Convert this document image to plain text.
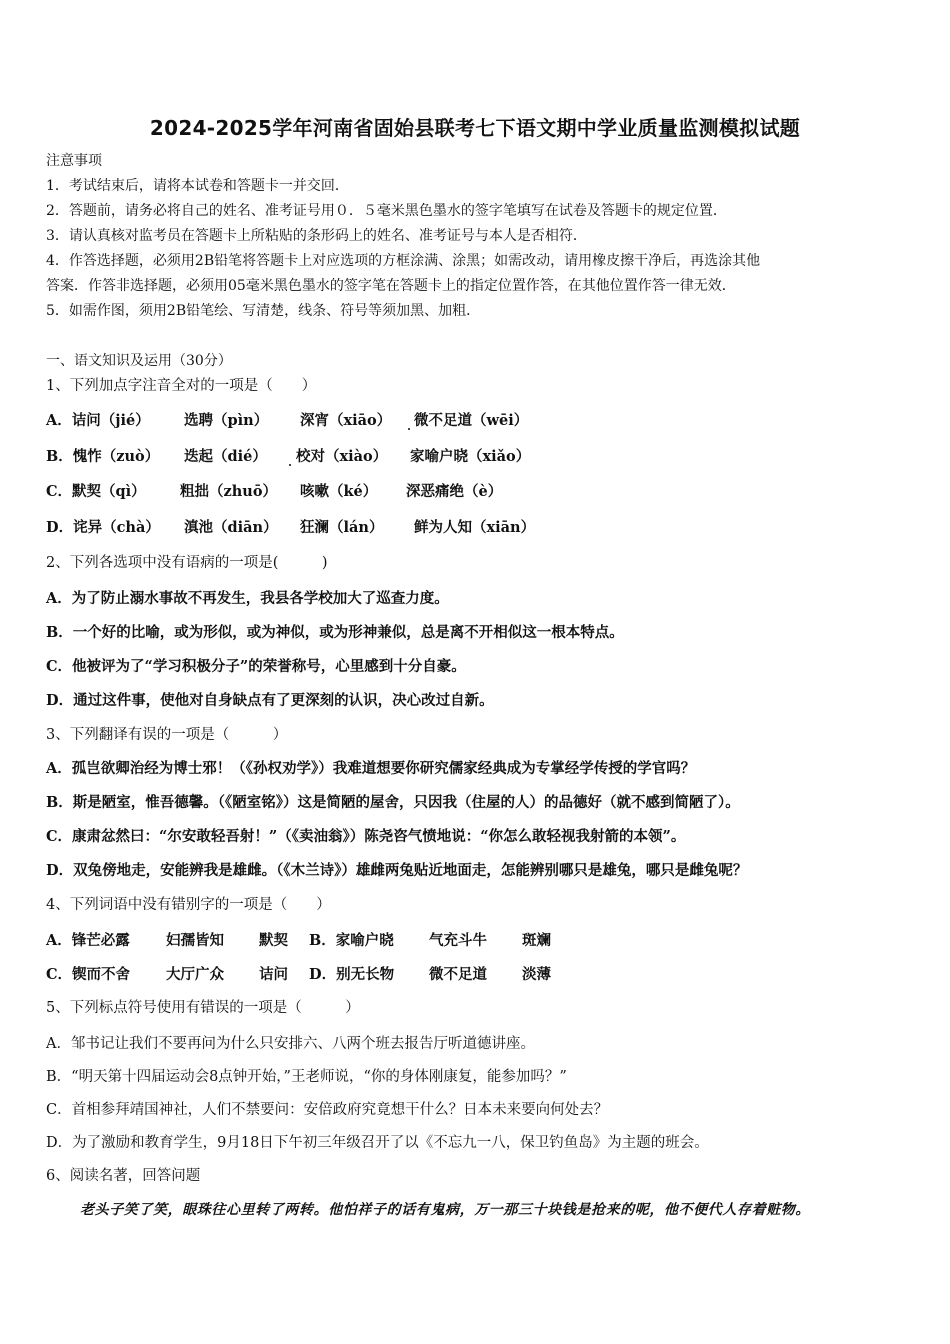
2024-2025学年河南省固始县联考七下语文期中学业质量监测模拟试题
注意事项
1．考试结束后，请将本试卷和答题卡一并交回．
2．答题前，请务必将自己的姓名、准考证号用０．５毫米黑色墨水的签字笔填写在试卷及答题卡的规定位置．
3．请认真核对监考员在答题卡上所粘贴的条形码上的姓名、准考证号与本人是否相符．
4．作答选择题，必须用2B铅笔将答题卡上对应选项的方框涂满、涂黑；如需改动，请用橡皮擦干净后，再选涂其他
答案．作答非选择题，必须用05毫米黑色墨水的签字笔在答题卡上的指定位置作答，在其他位置作答一律无效．
5．如需作图，须用2B铅笔绘、写清楚，线条、符号等须加黑、加粗．
一、语文知识及运用（30分）
1、下列加点字注音全对的一项是（　　）
A．诘问（jié） 选聘（pìn） 深宵（xiāo） 微不足道（wēi）
B．愧怍（zuò） 迭起（dié） 校对（xiào） 家喻户晓（xiǎo）
C．默契（qì） 粗拙（zhuō） 咳嗽（ké） 深恶痛绝（è）
D．诧异（chà） 滇池（diān） 狂澜（lán） 鲜为人知（xiān）
2、下列各选项中没有语病的一项是(　　　)
A．为了防止溺水事故不再发生，我县各学校加大了巡查力度。
B．一个好的比喻，或为形似，或为神似，或为形神兼似，总是离不开相似这一根本特点。
C．他被评为了“学习积极分子”的荣誉称号，心里感到十分自豪。
D．通过这件事，使他对自身缺点有了更深刻的认识，决心改过自新。
3、下列翻译有误的一项是（　　　）
A．孤岂欲卿治经为博士邪！（《孙权劝学》）我难道想要你研究儒家经典成为专掌经学传授的学官吗？
B．斯是陋室，惟吾德馨。（《陋室铭》）这是简陋的屋舍，只因我（住屋的人）的品德好（就不感到简陋了）。
C．康肃忿然曰：“尔安敢轻吾射！”（《卖油翁》）陈尧咨气愤地说：“你怎么敢轻视我射箭的本领”。
D．双兔傍地走，安能辨我是雄雌。（《木兰诗》）雄雌两兔贴近地面走，怎能辨别哪只是雄兔，哪只是雌兔呢？
4、下列词语中没有错别字的一项是（　　）
A．锋芒必露	妇孺皆知 默契 B．家喻户晓 气充斗牛 斑斓
C．锲而不舍 大厅广众 诘问 D．别无长物 微不足道 淡薄
5、下列标点符号使用有错误的一项是（　　　）
A．邹书记让我们不要再问为什么只安排六、八两个班去报告厅听道德讲座。
B．“明天第十四届运动会8点钟开始，”王老师说，“你的身体刚康复，能参加吗？”
C．首相参拜靖国神社，人们不禁要问：安倍政府究竟想干什么？日本未来要向何处去？
D．为了激励和教育学生，9月18日下午初三年级召开了以《不忘九一八，保卫钓鱼岛》为主题的班会。
6、阅读名著，回答问题
老头子笑了笑，眼珠往心里转了两转。他怕祥子的话有鬼病，万一那三十块钱是抢来的呢，他不便代人存着赃物。
